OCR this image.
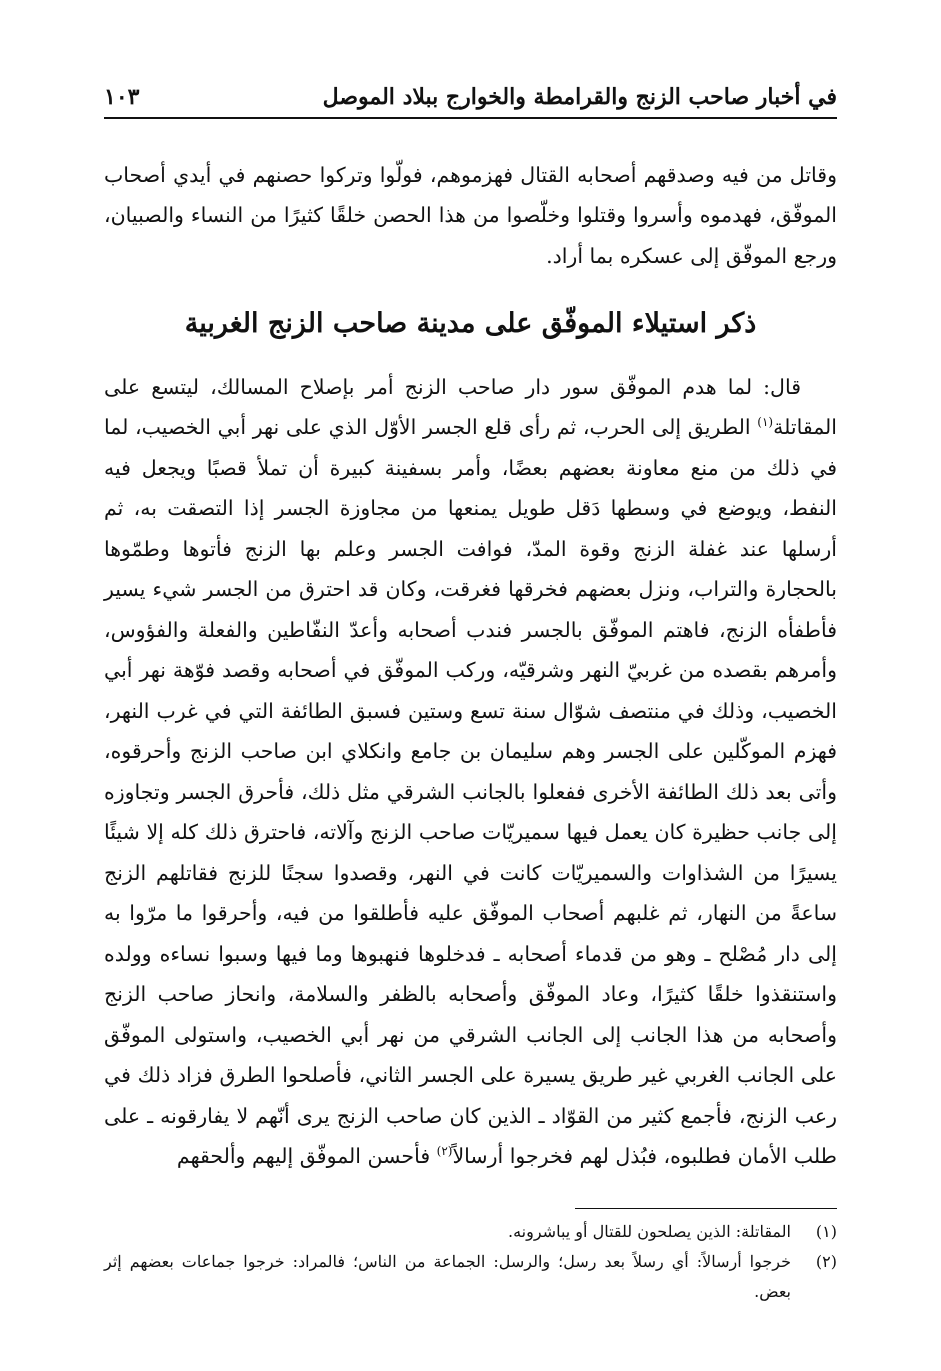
في أخبار صاحب الزنج والقرامطة والخوارج ببلاد الموصل
١٠٣

وقاتل من فيه وصدقهم أصحابه القتال فهزموهم، فولّوا وتركوا حصنهم في أيدي أصحاب الموفّق، فهدموه وأسروا وقتلوا وخلّصوا من هذا الحصن خلقًا كثيرًا من النساء والصبيان، ورجع الموفّق إلى عسكره بما أراد.

ذكر استيلاء الموفّق على مدينة صاحب الزنج الغربية

قال: لما هدم الموفّق سور دار صاحب الزنج أمر بإصلاح المسالك، ليتسع على المقاتلة$^{(١)}$ الطريق إلى الحرب، ثم رأى قلع الجسر الأوّل الذي على نهر أبي الخصيب، لما في ذلك من منع معاونة بعضهم بعضًا، وأمر بسفينة كبيرة أن تملأ قصبًا ويجعل فيه النفط، ويوضع في وسطها دَقل طويل يمنعها من مجاوزة الجسر إذا التصقت به، ثم أرسلها عند غفلة الزنج وقوة المدّ، فوافت الجسر وعلم بها الزنج فأتوها وطمّوها بالحجارة والتراب، ونزل بعضهم فخرقها فغرقت، وكان قد احترق من الجسر شيء يسير فأطفأه الزنج، فاهتم الموفّق بالجسر فندب أصحابه وأعدّ النفّاطين والفعلة والفؤوس، وأمرهم بقصده من غربيّ النهر وشرقيّه، وركب الموفّق في أصحابه وقصد فوّهة نهر أبي الخصيب، وذلك في منتصف شوّال سنة تسع وستين فسبق الطائفة التي في غرب النهر، فهزم الموكّلين على الجسر وهم سليمان بن جامع وانكلاي ابن صاحب الزنج وأحرقوه، وأتى بعد ذلك الطائفة الأخرى ففعلوا بالجانب الشرقي مثل ذلك، فأحرق الجسر وتجاوزه إلى جانب حظيرة كان يعمل فيها سميريّات صاحب الزنج وآلاته، فاحترق ذلك كله إلا شيئًا يسيرًا من الشذاوات والسميريّات كانت في النهر، وقصدوا سجنًا للزنج فقاتلهم الزنج ساعةً من النهار، ثم غلبهم أصحاب الموفّق عليه فأطلقوا من فيه، وأحرقوا ما مرّوا به إلى دار مُصْلح ـ وهو من قدماء أصحابه ـ فدخلوها فنهبوها وما فيها وسبوا نساءه وولده واستنقذوا خلقًا كثيرًا، وعاد الموفّق وأصحابه بالظفر والسلامة، وانحاز صاحب الزنج وأصحابه من هذا الجانب إلى الجانب الشرقي من نهر أبي الخصيب، واستولى الموفّق على الجانب الغربي غير طريق يسيرة على الجسر الثاني، فأصلحوا الطرق فزاد ذلك في رعب الزنج، فأجمع كثير من القوّاد ـ الذين كان صاحب الزنج يرى أنّهم لا يفارقونه ـ على طلب الأمان فطلبوه، فبُذل لهم فخرجوا أرسالاً$^{(٢)}$ فأحسن الموفّق إليهم وألحقهم

(١)
المقاتلة: الذين يصلحون للقتال أو يباشرونه.
(٢)
خرجوا أرسالاً: أي رسلاً بعد رسل؛ والرسل: الجماعة من الناس؛ فالمراد: خرجوا جماعات بعضهم إثر بعض.
